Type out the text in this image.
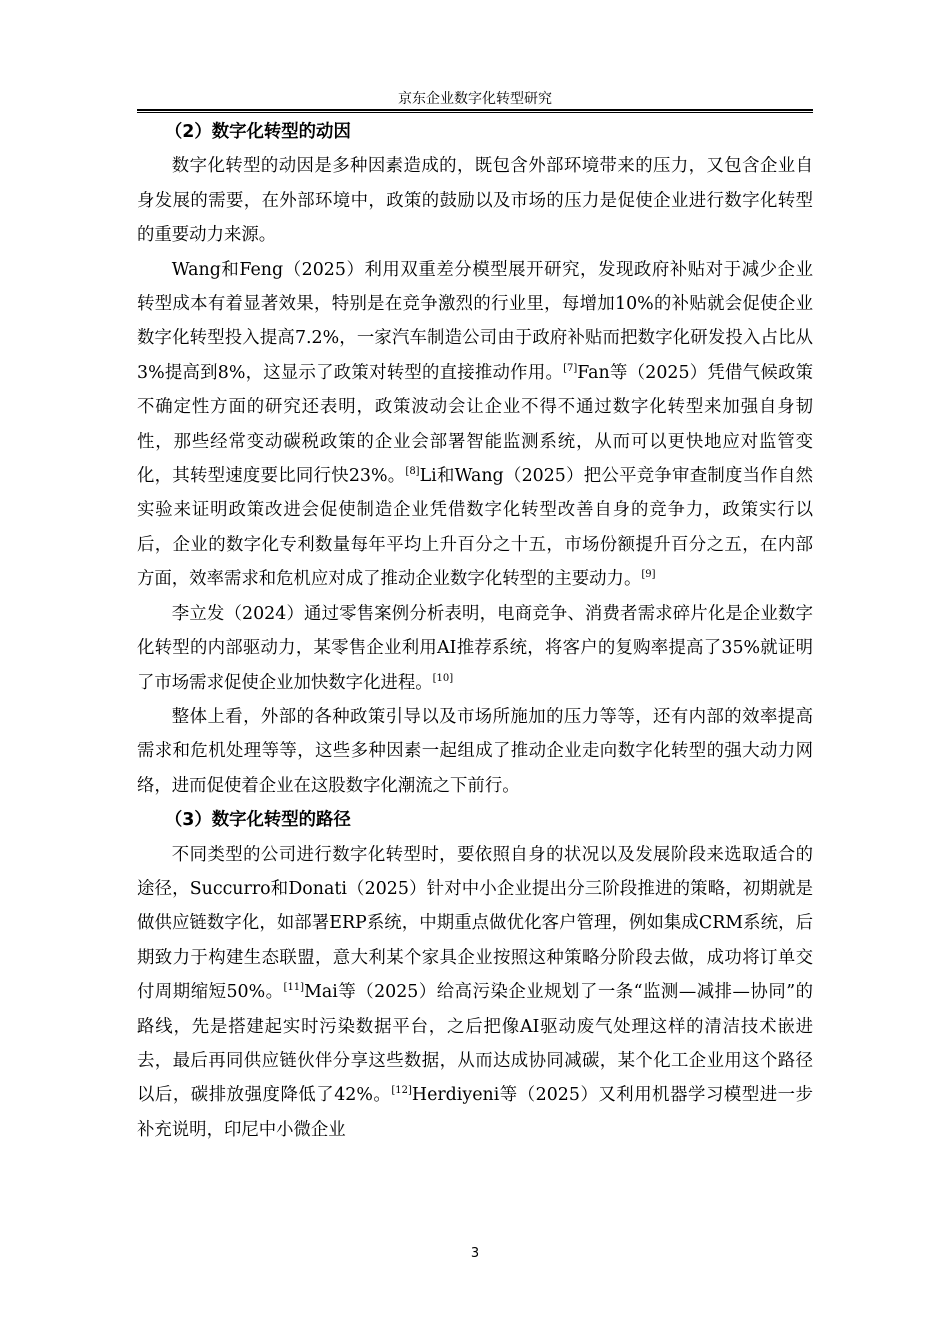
京东企业数字化转型研究
（2）数字化转型的动因

数字化转型的动因是多种因素造成的，既包含外部环境带来的压力，又包含企业自身发展的需要，在外部环境中，政策的鼓励以及市场的压力是促使企业进行数字化转型的重要动力来源。

Wang和Feng（2025）利用双重差分模型展开研究，发现政府补贴对于减少企业转型成本有着显著效果，特别是在竞争激烈的行业里，每增加10%的补贴就会促使企业数字化转型投入提高7.2%，一家汽车制造公司由于政府补贴而把数字化研发投入占比从3%提高到8%，这显示了政策对转型的直接推动作用。[7]Fan等（2025）凭借气候政策不确定性方面的研究还表明，政策波动会让企业不得不通过数字化转型来加强自身韧性，那些经常变动碳税政策的企业会部署智能监测系统，从而可以更快地应对监管变化，其转型速度要比同行快23%。[8]Li和Wang（2025）把公平竞争审查制度当作自然实验来证明政策改进会促使制造企业凭借数字化转型改善自身的竞争力，政策实行以后，企业的数字化专利数量每年平均上升百分之十五，市场份额提升百分之五，在内部方面，效率需求和危机应对成了推动企业数字化转型的主要动力。[9]

李立发（2024）通过零售案例分析表明，电商竞争、消费者需求碎片化是企业数字化转型的内部驱动力，某零售企业利用AI推荐系统，将客户的复购率提高了35%就证明了市场需求促使企业加快数字化进程。[10]

整体上看，外部的各种政策引导以及市场所施加的压力等等，还有内部的效率提高需求和危机处理等等，这些多种因素一起组成了推动企业走向数字化转型的强大动力网络，进而促使着企业在这股数字化潮流之下前行。

（3）数字化转型的路径

不同类型的公司进行数字化转型时，要依照自身的状况以及发展阶段来选取适合的途径，Succurro和Donati（2025）针对中小企业提出分三阶段推进的策略，初期就是做供应链数字化，如部署ERP系统，中期重点做优化客户管理，例如集成CRM系统，后期致力于构建生态联盟，意大利某个家具企业按照这种策略分阶段去做，成功将订单交付周期缩短50%。[11]Mai等（2025）给高污染企业规划了一条“监测—减排—协同”的路线，先是搭建起实时污染数据平台，之后把像AI驱动废气处理这样的清洁技术嵌进去，最后再同供应链伙伴分享这些数据，从而达成协同减碳，某个化工企业用这个路径以后，碳排放强度降低了42%。[12]Herdiyeni等（2025）又利用机器学习模型进一步补充说明，印尼中小微企业

3
